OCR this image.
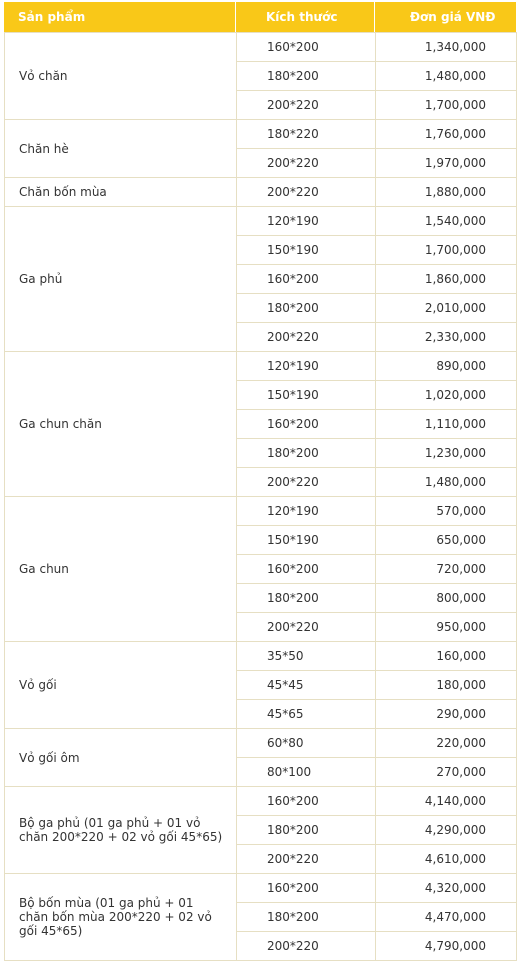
Sản phẩm	Kích thước	Đơn giá VNĐ
Vỏ chăn	160*200	1,340,000
	180*200	1,480,000
	200*220	1,700,000
Chăn hè	180*220	1,760,000
	200*220	1,970,000
Chăn bốn mùa	200*220	1,880,000
Ga phủ	120*190	1,540,000
	150*190	1,700,000
	160*200	1,860,000
	180*200	2,010,000
	200*220	2,330,000
Ga chun chăn	120*190	890,000
	150*190	1,020,000
	160*200	1,110,000
	180*200	1,230,000
	200*220	1,480,000
Ga chun	120*190	570,000
	150*190	650,000
	160*200	720,000
	180*200	800,000
	200*220	950,000
Vỏ gối	35*50	160,000
	45*45	180,000
	45*65	290,000
Vỏ gối ôm	60*80	220,000
	80*100	270,000
Bộ ga phủ (01 ga phủ + 01 vỏ chăn 200*220 + 02 vỏ gối 45*65)	160*200	4,140,000
	180*200	4,290,000
	200*220	4,610,000
Bộ bốn mùa (01 ga phủ + 01 chăn bốn mùa 200*220 + 02 vỏ gối 45*65)	160*200	4,320,000
	180*200	4,470,000
	200*220	4,790,000
